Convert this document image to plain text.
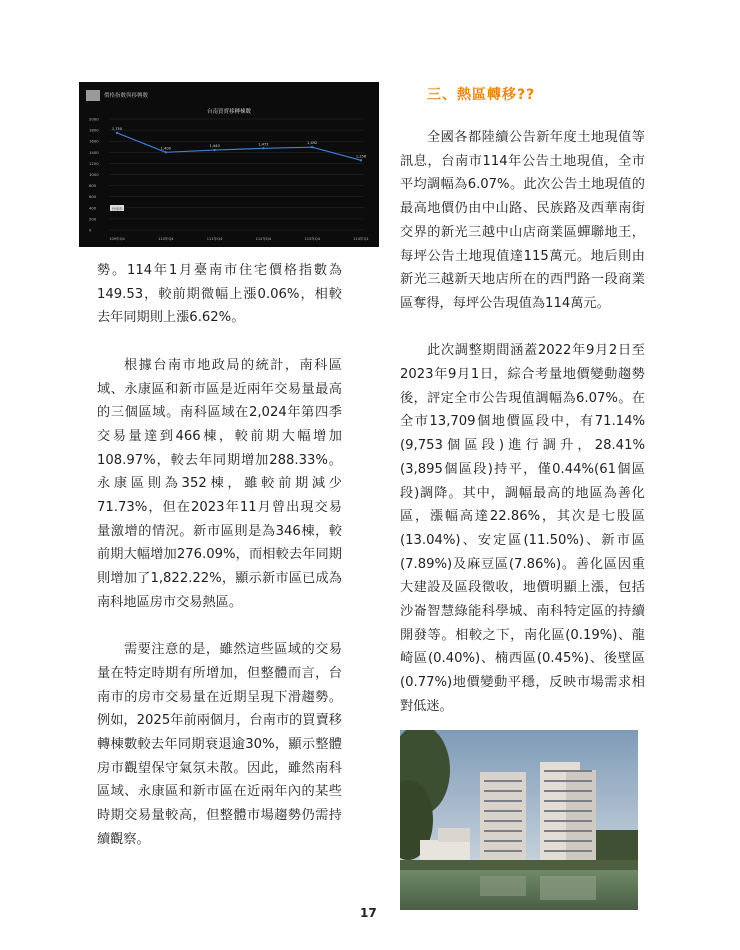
價格指數與移轉數
台南買賣移轉棟數
2000
1800
1600
1400
1200
1000
800
600
400
200
0
109年Q4	110年Q4	111年Q4	112年Q4	113年Q4	114年Q1
1,750
1,400
1,440	1,472	1,492
1,256
台南市

勢。114年1月臺南市住宅價格指數為149.53，較前期微幅上漲0.06%，相較去年同期則上漲6.62%。

根據台南市地政局的統計，南科區域、永康區和新市區是近兩年交易量最高的三個區域。南科區域在2,024年第四季交易量達到466棟，較前期大幅增加108.97%，較去年同期增加288.33%。永康區則為352棟，雖較前期減少71.73%，但在2023年11月曾出現交易量激增的情況。新市區則是為346棟，較前期大幅增加276.09%，而相較去年同期則增加了1,822.22%，顯示新市區已成為南科地區房市交易熱區。

需要注意的是，雖然這些區域的交易量在特定時期有所增加，但整體而言，台南市的房市交易量在近期呈現下滑趨勢。例如，2025年前兩個月，台南市的買賣移轉棟數較去年同期衰退逾30%，顯示整體房市觀望保守氣氛未散。因此，雖然南科區域、永康區和新市區在近兩年內的某些時期交易量較高，但整體市場趨勢仍需持續觀察。

三、熱區轉移??

全國各都陸續公告新年度土地現值等訊息，台南市114年公告土地現值，全市平均調幅為6.07%。此次公告土地現值的最高地價仍由中山路、民族路及西華南街交界的新光三越中山店商業區蟬聯地王，每坪公告土地現值達115萬元。地后則由新光三越新天地店所在的西門路一段商業區奪得，每坪公告現值為114萬元。

此次調整期間涵蓋2022年9月2日至2023年9月1日，綜合考量地價變動趨勢後，評定全市公告現值調幅為6.07%。在全市13,709個地價區段中，有71.14%(9,753個區段)進行調升，28.41%(3,895個區段)持平，僅0.44%(61個區段)調降。其中，調幅最高的地區為善化區，漲幅高達22.86%，其次是七股區(13.04%)、安定區(11.50%)、新市區(7.89%)及麻豆區(7.86%)。善化區因重大建設及區段徵收，地價明顯上漲，包括沙崙智慧綠能科學城、南科特定區的持續開發等。相較之下，南化區(0.19%)、龍崎區(0.40%)、楠西區(0.45%)、後壁區(0.77%)地價變動平穩，反映市場需求相對低迷。

17
